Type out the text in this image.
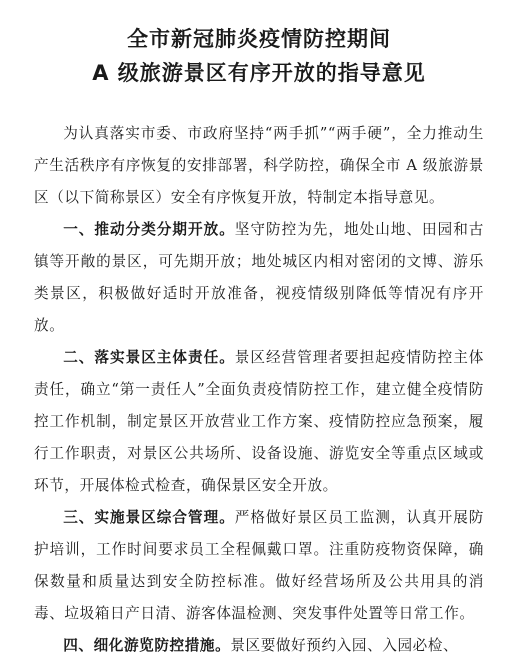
全市新冠肺炎疫情防控期间

A 级旅游景区有序开放的指导意见

为认真落实市委、市政府坚持“两手抓”“两手硬”，全力推动生产生活秩序有序恢复的安排部署，科学防控，确保全市 A 级旅游景区（以下简称景区）安全有序恢复开放，特制定本指导意见。

一、推动分类分期开放。坚守防控为先，地处山地、田园和古镇等开敞的景区，可先期开放；地处城区内相对密闭的文博、游乐类景区，积极做好适时开放准备，视疫情级别降低等情况有序开放。

二、落实景区主体责任。景区经营管理者要担起疫情防控主体责任，确立“第一责任人”全面负责疫情防控工作，建立健全疫情防控工作机制，制定景区开放营业工作方案、疫情防控应急预案，履行工作职责，对景区公共场所、设备设施、游览安全等重点区域或环节，开展体检式检查，确保景区安全开放。

三、实施景区综合管理。严格做好景区员工监测，认真开展防护培训，工作时间要求员工全程佩戴口罩。注重防疫物资保障，确保数量和质量达到安全防控标准。做好经营场所及公共用具的消毒、垃圾箱日产日清、游客体温检测、突发事件处置等日常工作。

四、细化游览防控措施。景区要做好预约入园、入园必检、
